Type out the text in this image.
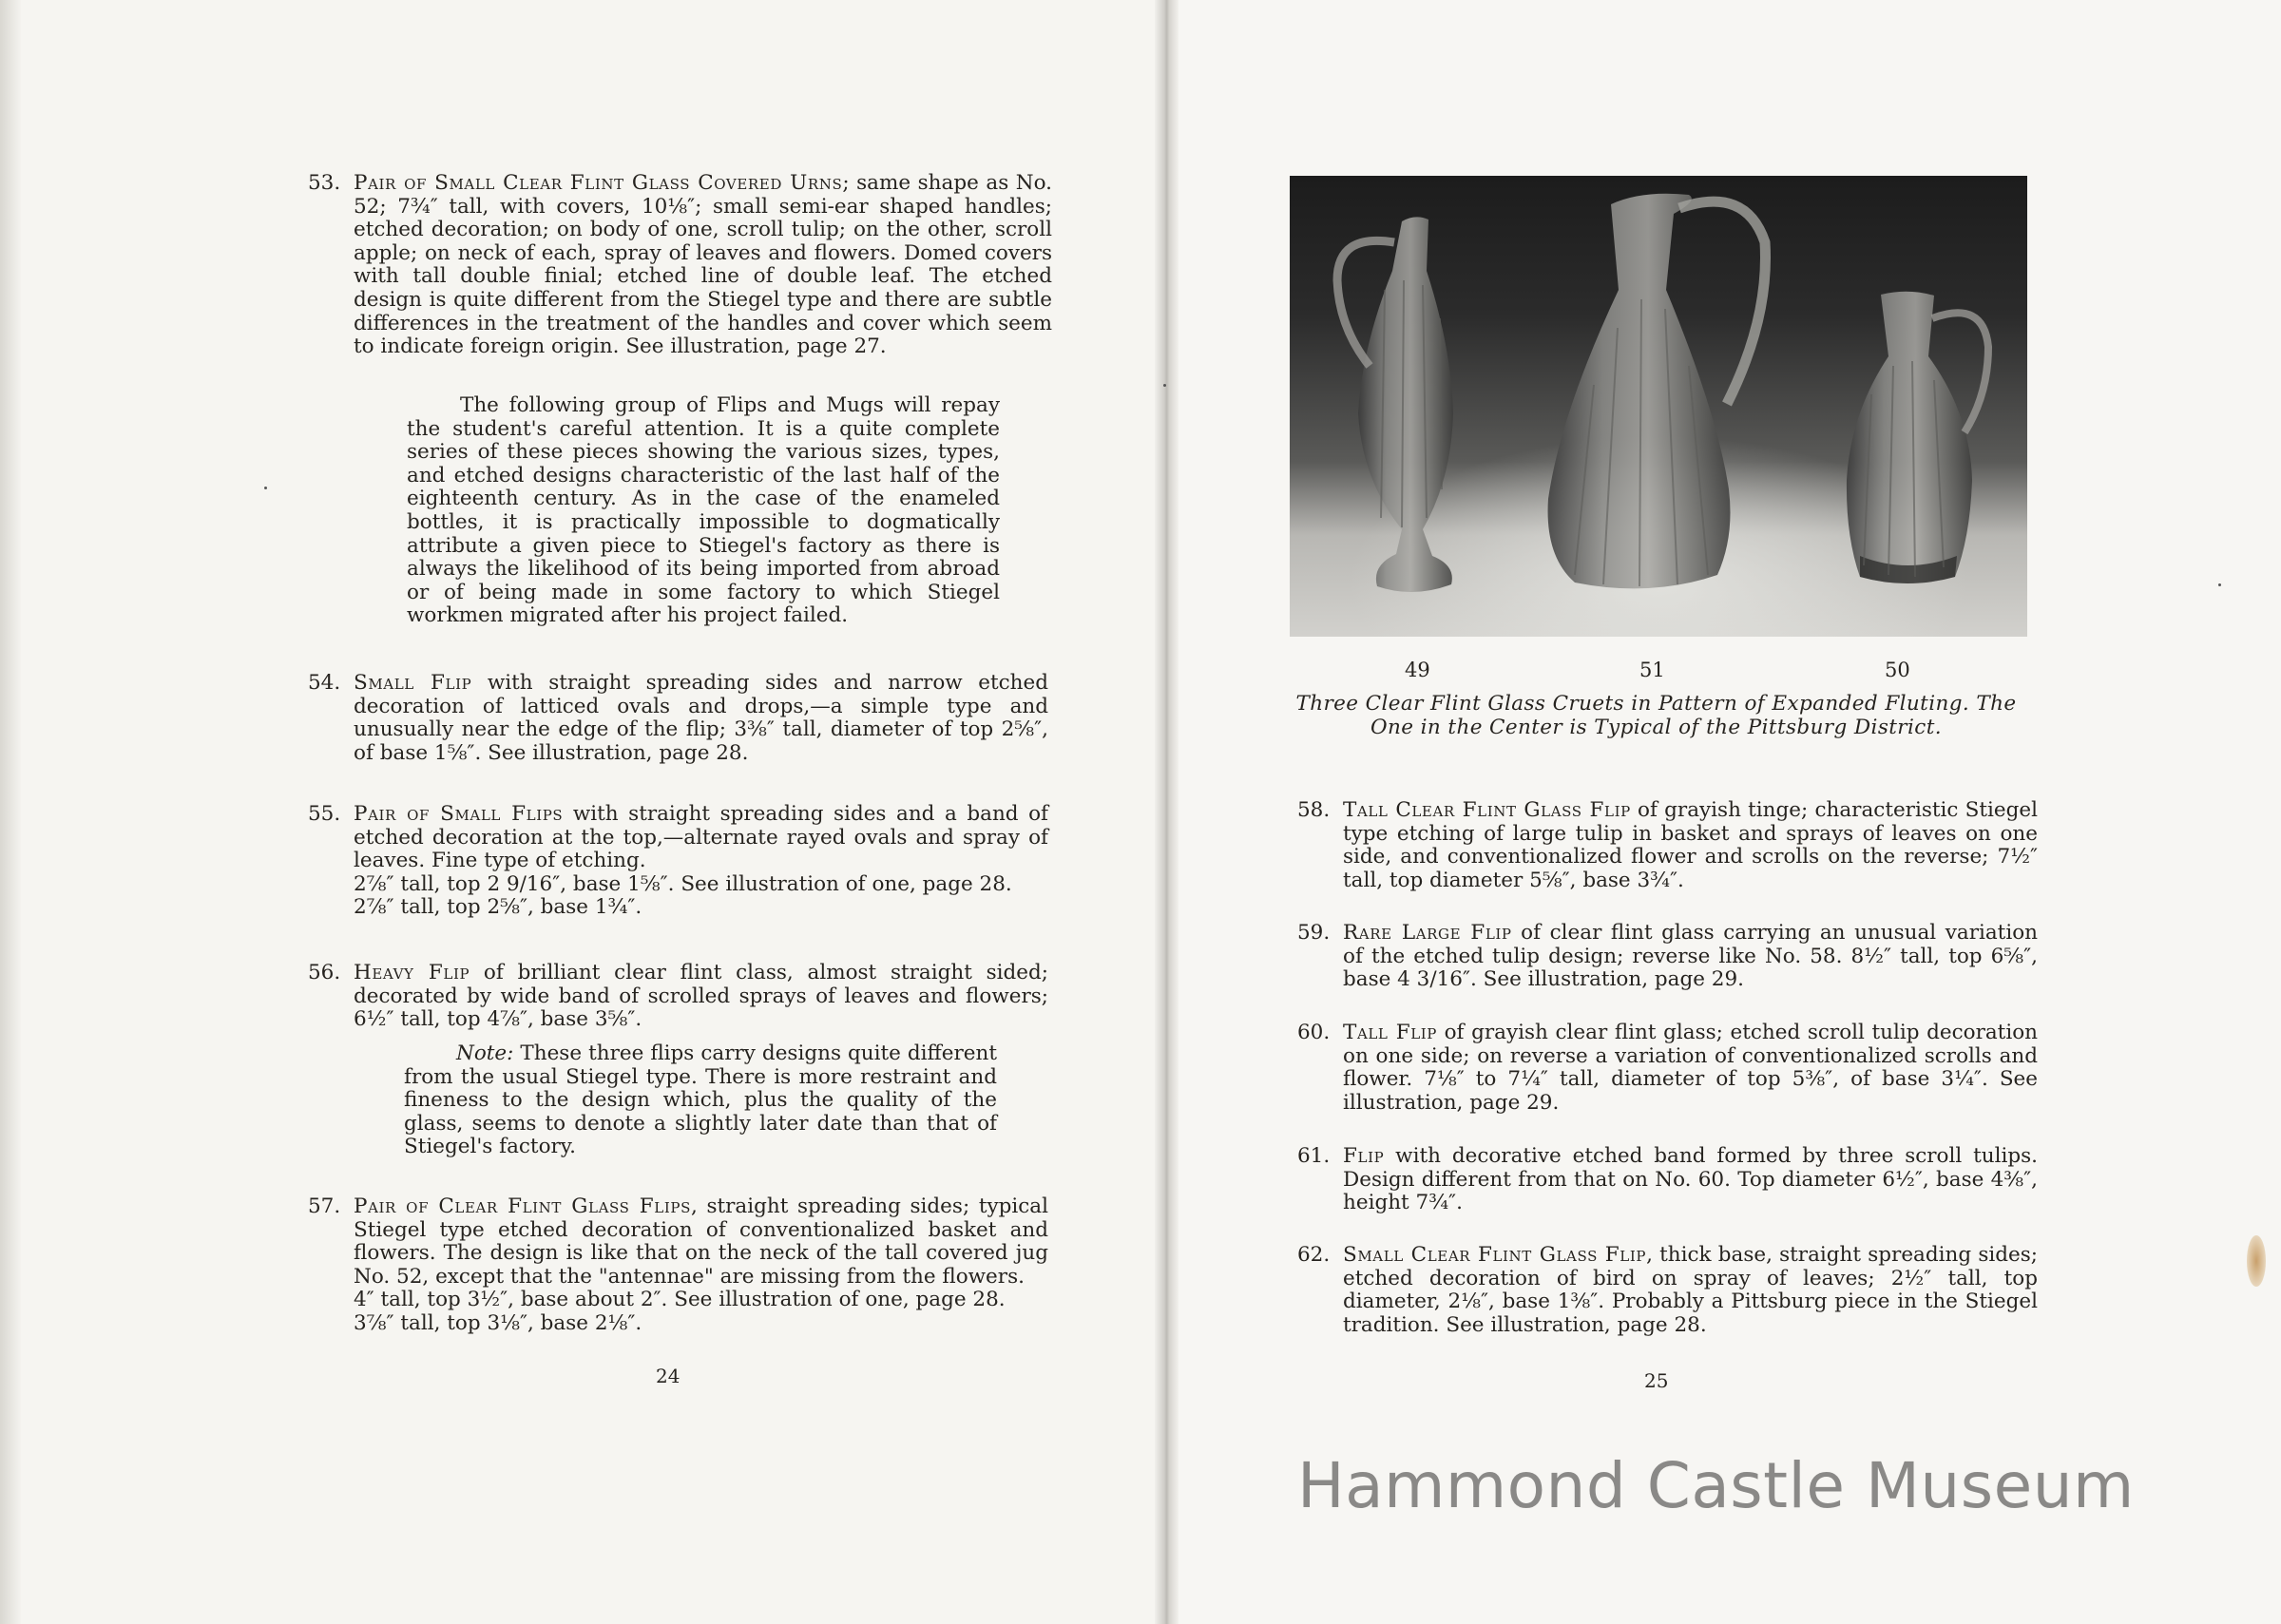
53. Pair of Small Clear Flint Glass Covered Urns; same shape as No. 52; 7¾″ tall, with covers, 10⅛″; small semi-ear shaped handles; etched decoration; on body of one, scroll tulip; on the other, scroll apple; on neck of each, spray of leaves and flowers. Domed covers with tall double finial; etched line of double leaf. The etched design is quite different from the Stiegel type and there are subtle differences in the treatment of the handles and cover which seem to indicate foreign origin. See illustration, page 27.
The following group of Flips and Mugs will repay the student's careful attention. It is a quite complete series of these pieces showing the various sizes, types, and etched designs characteristic of the last half of the eighteenth century. As in the case of the enameled bottles, it is practically impossible to dogmatically attribute a given piece to Stiegel's factory as there is always the likelihood of its being imported from abroad or of being made in some factory to which Stiegel workmen migrated after his project failed.
54. Small Flip with straight spreading sides and narrow etched decoration of latticed ovals and drops,—a simple type and unusually near the edge of the flip; 3⅜″ tall, diameter of top 2⅝″, of base 1⅝″. See illustration, page 28.
55. Pair of Small Flips with straight spreading sides and a band of etched decoration at the top,—alternate rayed ovals and spray of leaves. Fine type of etching.
2⅞″ tall, top 2 9/16″, base 1⅝″. See illustration of one, page 28.
2⅞″ tall, top 2⅝″, base 1¾″.
56. Heavy Flip of brilliant clear flint class, almost straight sided; decorated by wide band of scrolled sprays of leaves and flowers; 6½″ tall, top 4⅞″, base 3⅝″.
Note: These three flips carry designs quite different from the usual Stiegel type. There is more restraint and fineness to the design which, plus the quality of the glass, seems to denote a slightly later date than that of Stiegel's factory.
57. Pair of Clear Flint Glass Flips, straight spreading sides; typical Stiegel type etched decoration of conventionalized basket and flowers. The design is like that on the neck of the tall covered jug No. 52, except that the "antennae" are missing from the flowers.
4″ tall, top 3½″, base about 2″. See illustration of one, page 28.
3⅞″ tall, top 3⅛″, base 2⅛″.
24
49	51	50
Three Clear Flint Glass Cruets in Pattern of Expanded Fluting. The One in the Center is Typical of the Pittsburg District.
58. Tall Clear Flint Glass Flip of grayish tinge; characteristic Stiegel type etching of large tulip in basket and sprays of leaves on one side, and conventionalized flower and scrolls on the reverse; 7½″ tall, top diameter 5⅝″, base 3¾″.
59. Rare Large Flip of clear flint glass carrying an unusual variation of the etched tulip design; reverse like No. 58. 8½″ tall, top 6⅝″, base 4 3/16″. See illustration, page 29.
60. Tall Flip of grayish clear flint glass; etched scroll tulip decoration on one side; on reverse a variation of conventionalized scrolls and flower. 7⅛″ to 7¼″ tall, diameter of top 5⅜″, of base 3¼″. See illustration, page 29.
61. Flip with decorative etched band formed by three scroll tulips. Design different from that on No. 60. Top diameter 6½″, base 4⅜″, height 7¾″.
62. Small Clear Flint Glass Flip, thick base, straight spreading sides; etched decoration of bird on spray of leaves; 2½″ tall, top diameter, 2⅛″, base 1⅜″. Probably a Pittsburg piece in the Stiegel tradition. See illustration, page 28.
25
Hammond Castle Museum
